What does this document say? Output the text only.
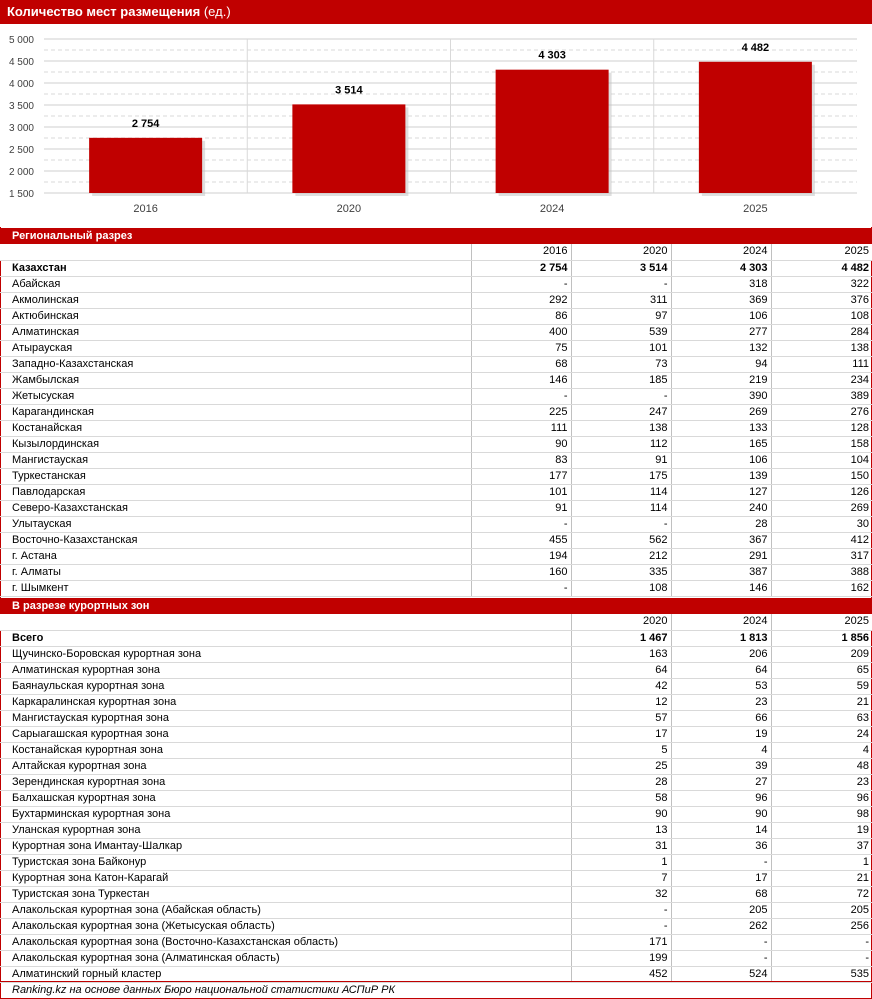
Количество мест размещения (ед.)
5 000
4 500
4 000
3 500
3 000
2 500
2 000
1 500
2 754
2016
3 514
2020
4 303
2024
4 482
2025
Региональный разрез
	2016	2020	2024	2025
Казахстан	2 754	3 514	4 303	4 482
Абайская	-	-	318	322
Акмолинская	292	311	369	376
Актюбинская	86	97	106	108
Алматинская	400	539	277	284
Атырауская	75	101	132	138
Западно-Казахстанская	68	73	94	111
Жамбылская	146	185	219	234
Жетысуская	-	-	390	389
Карагандинская	225	247	269	276
Костанайская	111	138	133	128
Кызылординская	90	112	165	158
Мангистауская	83	91	106	104
Туркестанская	177	175	139	150
Павлодарская	101	114	127	126
Северо-Казахстанская	91	114	240	269
Улытауская	-	-	28	30
Восточно-Казахстанская	455	562	367	412
г. Астана	194	212	291	317
г. Алматы	160	335	387	388
г. Шымкент	-	108	146	162
В разрезе курортных зон
	2020	2024	2025
Всего	1 467	1 813	1 856
Щучинско-Боровская курортная зона	163	206	209
Алматинская курортная зона	64	64	65
Баянаульская курортная зона	42	53	59
Каркаралинская курортная зона	12	23	21
Мангистауская курортная зона	57	66	63
Сарыагашская курортная зона	17	19	24
Костанайская курортная зона	5	4	4
Алтайская курортная зона	25	39	48
Зерендинская курортная зона	28	27	23
Балхашская курортная зона	58	96	96
Бухтарминская курортная зона	90	90	98
Уланская курортная зона	13	14	19
Курортная зона Имантау-Шалкар	31	36	37
Туристская зона Байконур	1	-	1
Курортная зона Катон-Карагай	7	17	21
Туристская зона Туркестан	32	68	72
Алакольская курортная зона (Абайская область)	-	205	205
Алакольская курортная зона (Жетысуская область)	-	262	256
Алакольская курортная зона (Восточно-Казахстанская область)	171	-	-
Алакольская курортная зона (Алматинская область)	199	-	-
Алматинский горный кластер	452	524	535
Ranking.kz на основе данных Бюро национальной статистики АСПиР РК
